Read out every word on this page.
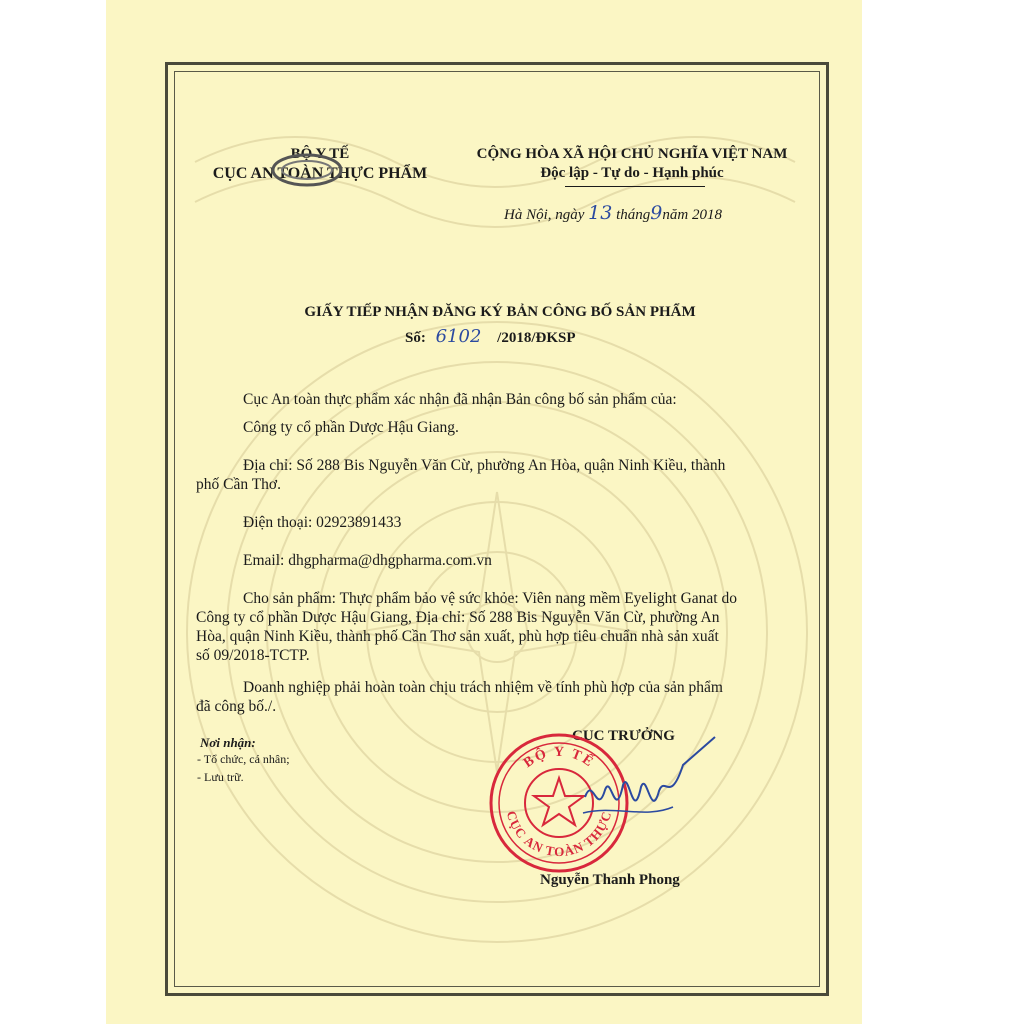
BỘ Y TẾ
CỤC AN TOÀN THỰC PHẨM
CỘNG HÒA XÃ HỘI CHỦ NGHĨA VIỆT NAM
Độc lập - Tự do - Hạnh phúc
Hà Nội, ngày 13 tháng9năm 2018
GIẤY TIẾP NHẬN ĐĂNG KÝ BẢN CÔNG BỐ SẢN PHẨM
Số: 6102 /2018/ĐKSP
Cục An toàn thực phẩm xác nhận đã nhận Bản công bố sản phẩm của:
Công ty cổ phần Dược Hậu Giang.
Địa chỉ: Số 288 Bis Nguyễn Văn Cừ, phường An Hòa, quận Ninh Kiều, thành
phố Cần Thơ.
Điện thoại: 02923891433
Email: dhgpharma@dhgpharma.com.vn
Cho sản phẩm: Thực phẩm bảo vệ sức khỏe: Viên nang mềm Eyelight Ganat do
Công ty cổ phần Dược Hậu Giang, Địa chỉ: Số 288 Bis Nguyễn Văn Cừ, phường An
Hòa, quận Ninh Kiều, thành phố Cần Thơ sản xuất, phù hợp tiêu chuẩn nhà sản xuất
số 09/2018-TCTP.
Doanh nghiệp phải hoàn toàn chịu trách nhiệm về tính phù hợp của sản phẩm
đã công bố./.
Nơi nhận:
- Tổ chức, cá nhân;
- Lưu trữ.
CỤC TRƯỞNG
BỘ Y TẾ
CỤC AN TOÀN THỰC
Nguyễn Thanh Phong
